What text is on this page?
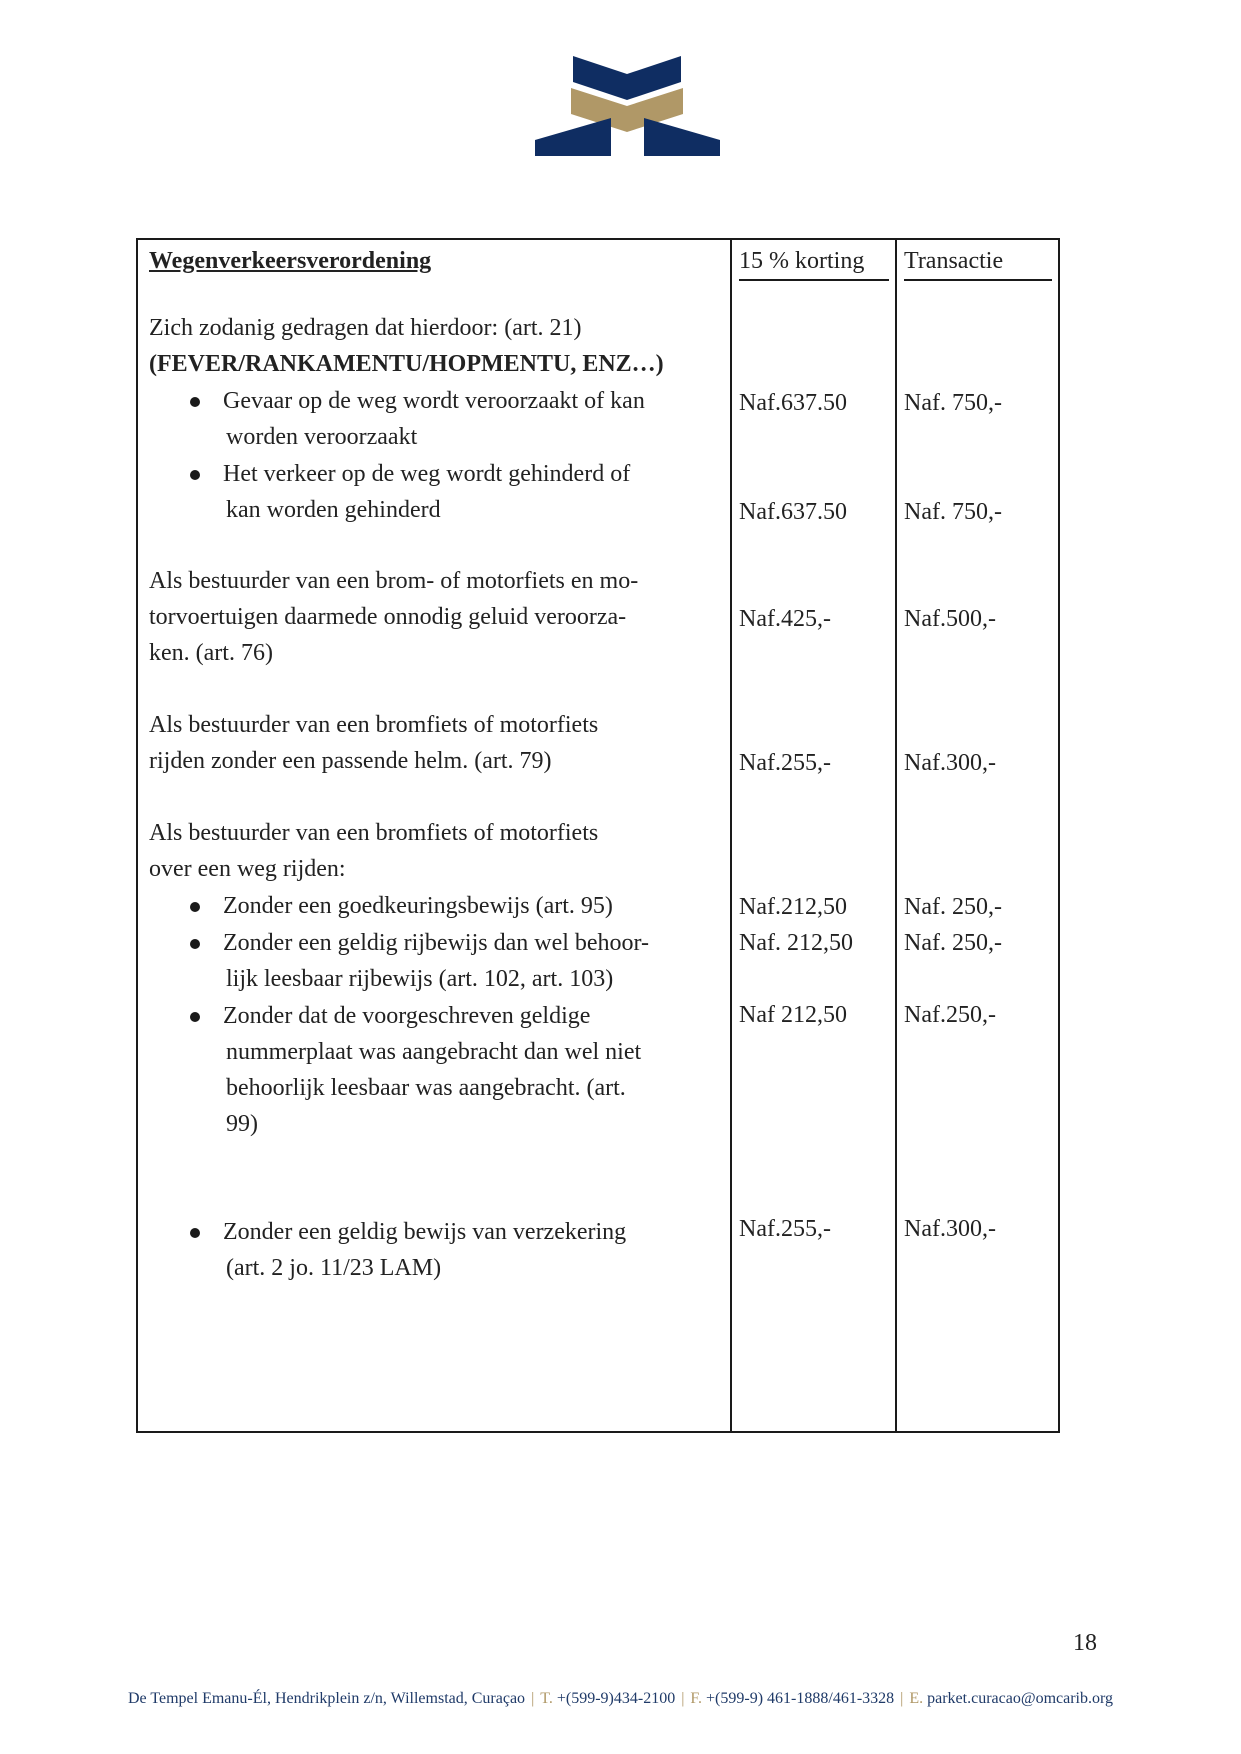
Wegenverkeersverordening	15 % korting	Transactie
Zich zodanig gedragen dat hierdoor: (art. 21)
(FEVER/RANKAMENTU/HOPMENTU, ENZ…)
Gevaar op de weg wordt veroorzaakt of kan
worden veroorzaakt
Het verkeer op de weg wordt gehinderd of
kan worden gehinderd
Als bestuurder van een brom- of motorfiets en mo-
torvoertuigen daarmede onnodig geluid veroorza-
ken. (art. 76)
Als bestuurder van een bromfiets of motorfiets
rijden zonder een passende helm. (art. 79)
Als bestuurder van een bromfiets of motorfiets
over een weg rijden:
Zonder een goedkeuringsbewijs (art. 95)
Zonder een geldig rijbewijs dan wel behoor-
lijk leesbaar rijbewijs (art. 102, art. 103)
Zonder dat de voorgeschreven geldige
nummerplaat was aangebracht dan wel niet
behoorlijk leesbaar was aangebracht. (art.
99)
Zonder een geldig bewijs van verzekering
(art. 2 jo. 11/23 LAM)
Naf.637.50
Naf.637.50
Naf.425,-
Naf.255,-
Naf.212,50
Naf. 212,50
Naf 212,50
Naf.255,-
Naf. 750,-
Naf. 750,-
Naf.500,-
Naf.300,-
Naf. 250,-
Naf. 250,-
Naf.250,-
Naf.300,-
18
De Tempel Emanu-Él, Hendrikplein z/n, Willemstad, Curaçao | T. +(599-9)434-2100 | F. +(599-9) 461-1888/461-3328 | E. parket.curacao@omcarib.org
